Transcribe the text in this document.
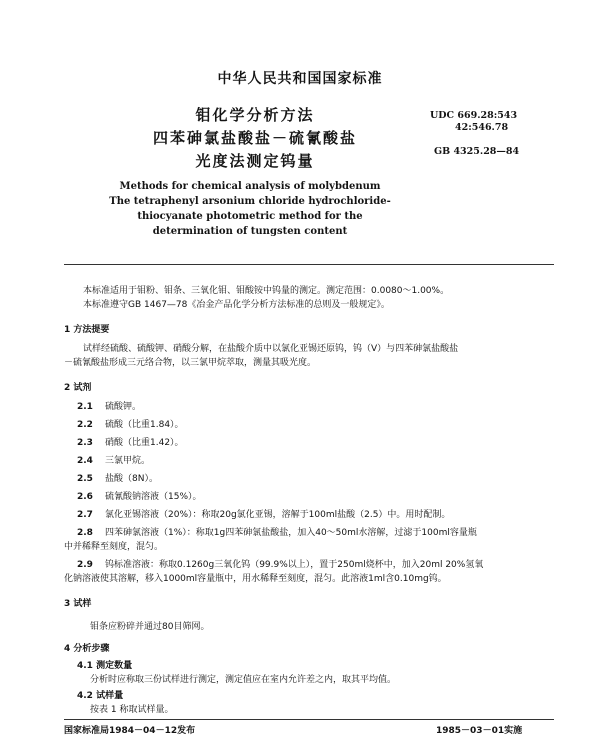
中华人民共和国国家标准
钼化学分析方法
四苯砷氯盐酸盐－硫氰酸盐
光度法测定钨量
UDC 669.28:543
42:546.78
GB 4325.28—84
Methods for chemical analysis of molybdenum
The tetraphenyl arsonium chloride hydrochloride-
thiocyanate photometric method for the
determination of tungsten content
本标准适用于钼粉、钼条、三氧化钼、钼酸铵中钨量的测定。测定范围：0.0080～1.00%。
本标准遵守GB 1467—78《冶金产品化学分析方法标准的总则及一般规定》。
1 方法提要
试样经硫酸、硫酸钾、硝酸分解，在盐酸介质中以氯化亚锡还原钨，钨（V）与四苯砷氯盐酸盐
－硫氰酸盐形成三元络合物，以三氯甲烷萃取，测量其吸光度。
2 试剂
2.1 硫酸钾。
2.2 硫酸（比重1.84）。
2.3 硝酸（比重1.42）。
2.4 三氯甲烷。
2.5 盐酸（8N）。
2.6 硫氰酸钠溶液（15%）。
2.7 氯化亚锡溶液（20%）：称取20g氯化亚锡，溶解于100ml盐酸（2.5）中。用时配制。
2.8 四苯砷氯溶液（1%）：称取1g四苯砷氯盐酸盐，加入40～50ml水溶解，过滤于100ml容量瓶
中并稀释至刻度，混匀。
2.9 钨标准溶液：称取0.1260g三氧化钨（99.9%以上），置于250ml烧杯中，加入20ml 20%氢氧
化钠溶液使其溶解，移入1000ml容量瓶中，用水稀释至刻度，混匀。此溶液1ml含0.10mg钨。
3 试样
钼条应粉碎并通过80目筛网。
4 分析步骤
4.1 测定数量
分析时应称取三份试样进行测定，测定值应在室内允许差之内，取其平均值。
4.2 试样量
按表 1 称取试样量。
国家标准局1984－04－12发布	1985－03－01实施
